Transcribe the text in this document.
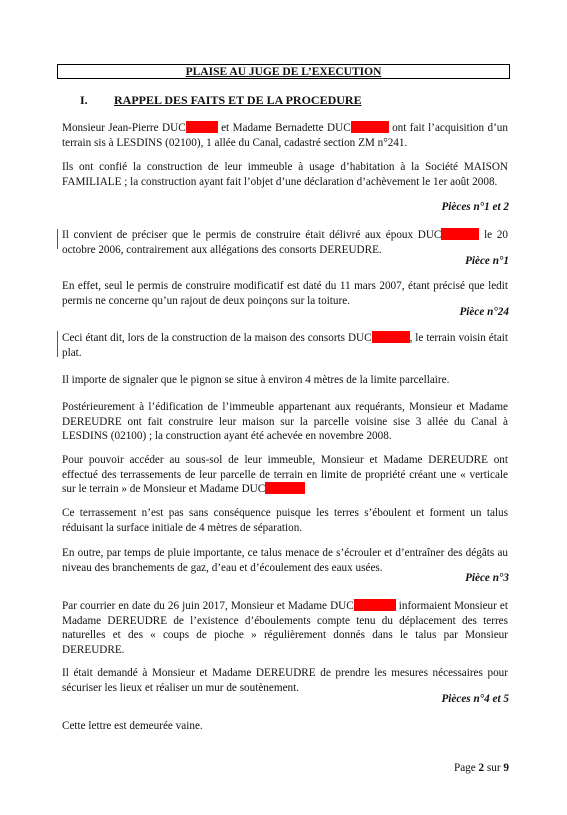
PLAISE AU JUGE DE L’EXECUTION
I. RAPPEL DES FAITS ET DE LA PROCEDURE
Monsieur Jean-Pierre DUC	et Madame Bernadette DUC	ont fait l’acquisition d’un terrain sis à LESDINS (02100), 1 allée du Canal, cadastré section ZM n°241.
Ils ont confié la construction de leur immeuble à usage d’habitation à la Société MAISON FAMILIALE ; la construction ayant fait l’objet d’une déclaration d’achèvement le 1er août 2008.
Pièces n°1 et 2
Il convient de préciser que le permis de construire était délivré aux époux DUC	le 20 octobre 2006, contrairement aux allégations des consorts DEREUDRE.
Pièce n°1
En effet, seul le permis de construire modificatif est daté du 11 mars 2007, étant précisé que ledit permis ne concerne qu’un rajout de deux poinçons sur la toiture.
Pièce n°24
Ceci étant dit, lors de la construction de la maison des consorts DUC	, le terrain voisin était plat.
Il importe de signaler que le pignon se situe à environ 4 mètres de la limite parcellaire.
Postérieurement à l’édification de l’immeuble appartenant aux requérants, Monsieur et Madame DEREUDRE ont fait construire leur maison sur la parcelle voisine sise 3 allée du Canal à LESDINS (02100) ; la construction ayant été achevée en novembre 2008.
Pour pouvoir accéder au sous-sol de leur immeuble, Monsieur et Madame DEREUDRE ont effectué des terrassements de leur parcelle de terrain en limite de propriété créant une « verticale sur le terrain » de Monsieur et Madame DUC
Ce terrassement n’est pas sans conséquence puisque les terres s’éboulent et forment un talus réduisant la surface initiale de 4 mètres de séparation.
En outre, par temps de pluie importante, ce talus menace de s’écrouler et d’entraîner des dégâts au niveau des branchements de gaz, d’eau et d’écoulement des eaux usées.
Pièce n°3
Par courrier en date du 26 juin 2017, Monsieur et Madame DUC	informaient Monsieur et Madame DEREUDRE de l’existence d’éboulements compte tenu du déplacement des terres naturelles et des « coups de pioche » régulièrement donnés dans le talus par Monsieur DEREUDRE.
Il était demandé à Monsieur et Madame DEREUDRE de prendre les mesures nécessaires pour sécuriser les lieux et réaliser un mur de soutènement.
Pièces n°4 et 5
Cette lettre est demeurée vaine.
Page 2 sur 9
